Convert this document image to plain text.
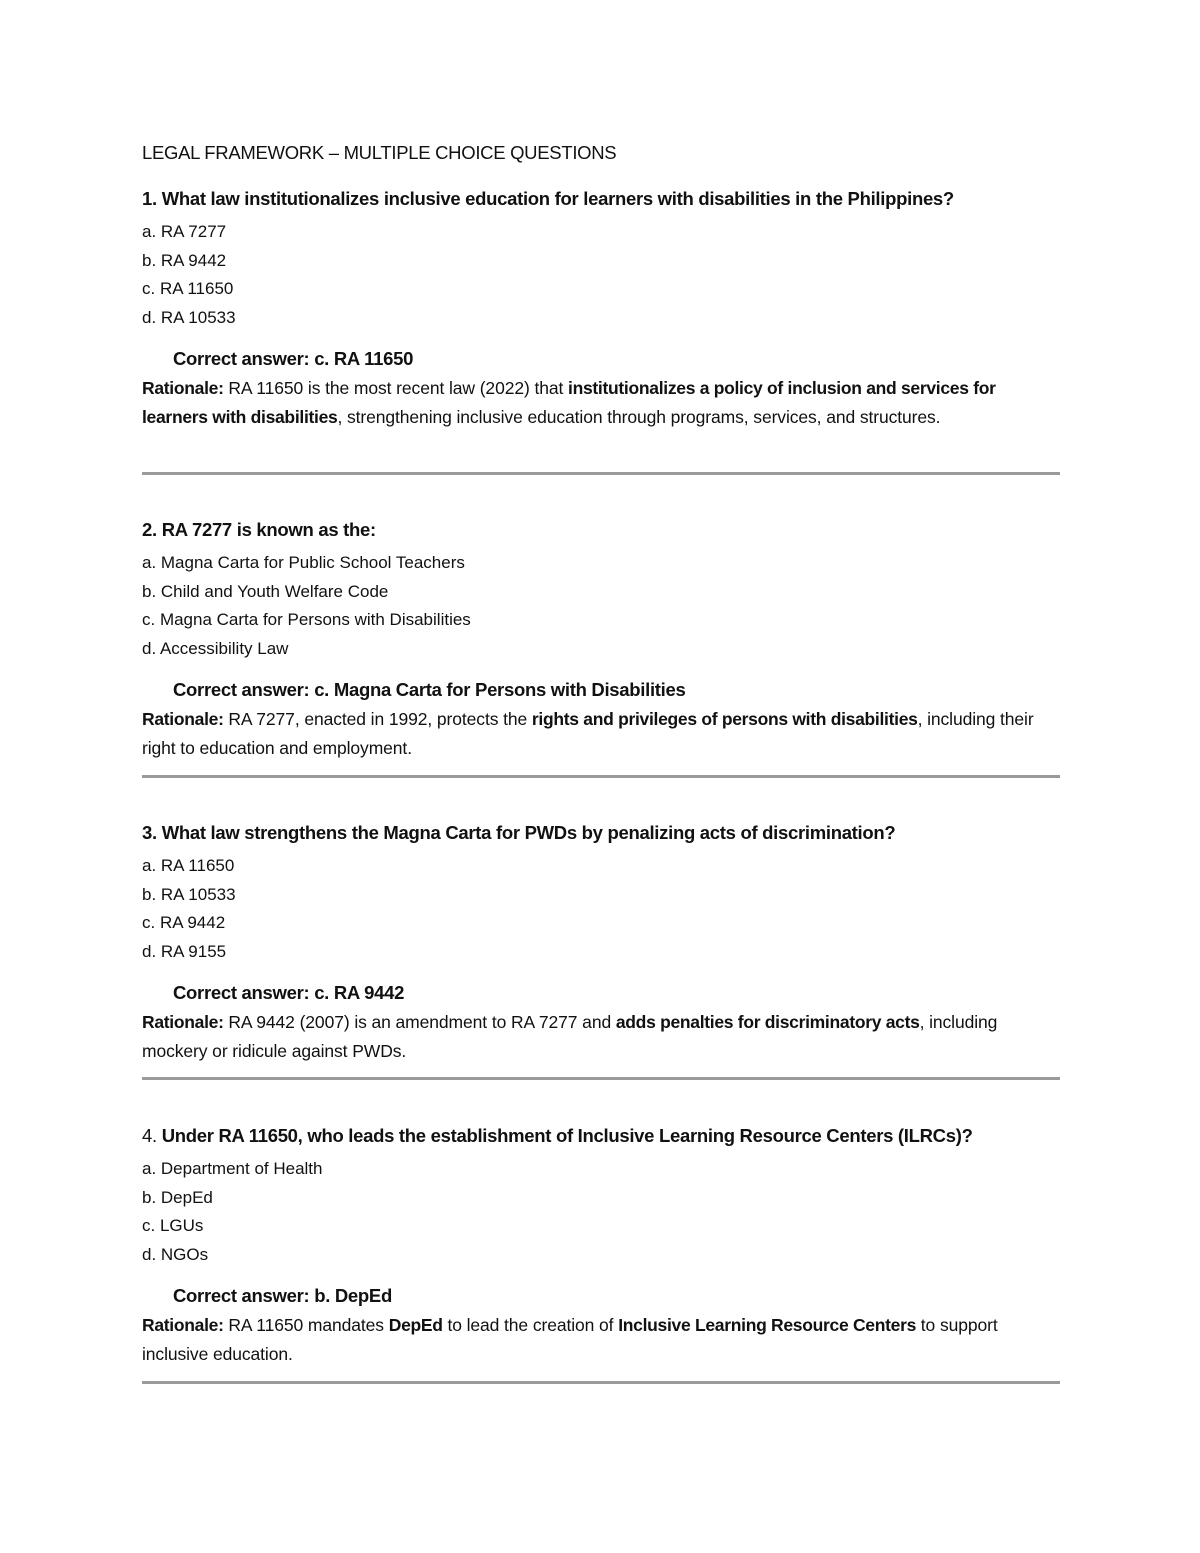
LEGAL FRAMEWORK – MULTIPLE CHOICE QUESTIONS

1. What law institutionalizes inclusive education for learners with disabilities in the Philippines?

a. RA 7277

b. RA 9442

c. RA 11650

d. RA 10533

Correct answer: c. RA 11650

Rationale: RA 11650 is the most recent law (2022) that institutionalizes a policy of inclusion and services for learners with disabilities, strengthening inclusive education through programs, services, and structures.

2. RA 7277 is known as the:

a. Magna Carta for Public School Teachers

b. Child and Youth Welfare Code

c. Magna Carta for Persons with Disabilities

d. Accessibility Law

Correct answer: c. Magna Carta for Persons with Disabilities

Rationale: RA 7277, enacted in 1992, protects the rights and privileges of persons with disabilities, including their right to education and employment.

3. What law strengthens the Magna Carta for PWDs by penalizing acts of discrimination?

a. RA 11650

b. RA 10533

c. RA 9442

d. RA 9155

Correct answer: c. RA 9442

Rationale: RA 9442 (2007) is an amendment to RA 7277 and adds penalties for discriminatory acts, including mockery or ridicule against PWDs.

4. Under RA 11650, who leads the establishment of Inclusive Learning Resource Centers (ILRCs)?

a. Department of Health

b. DepEd

c. LGUs

d. NGOs

Correct answer: b. DepEd

Rationale: RA 11650 mandates DepEd to lead the creation of Inclusive Learning Resource Centers to support inclusive education.
